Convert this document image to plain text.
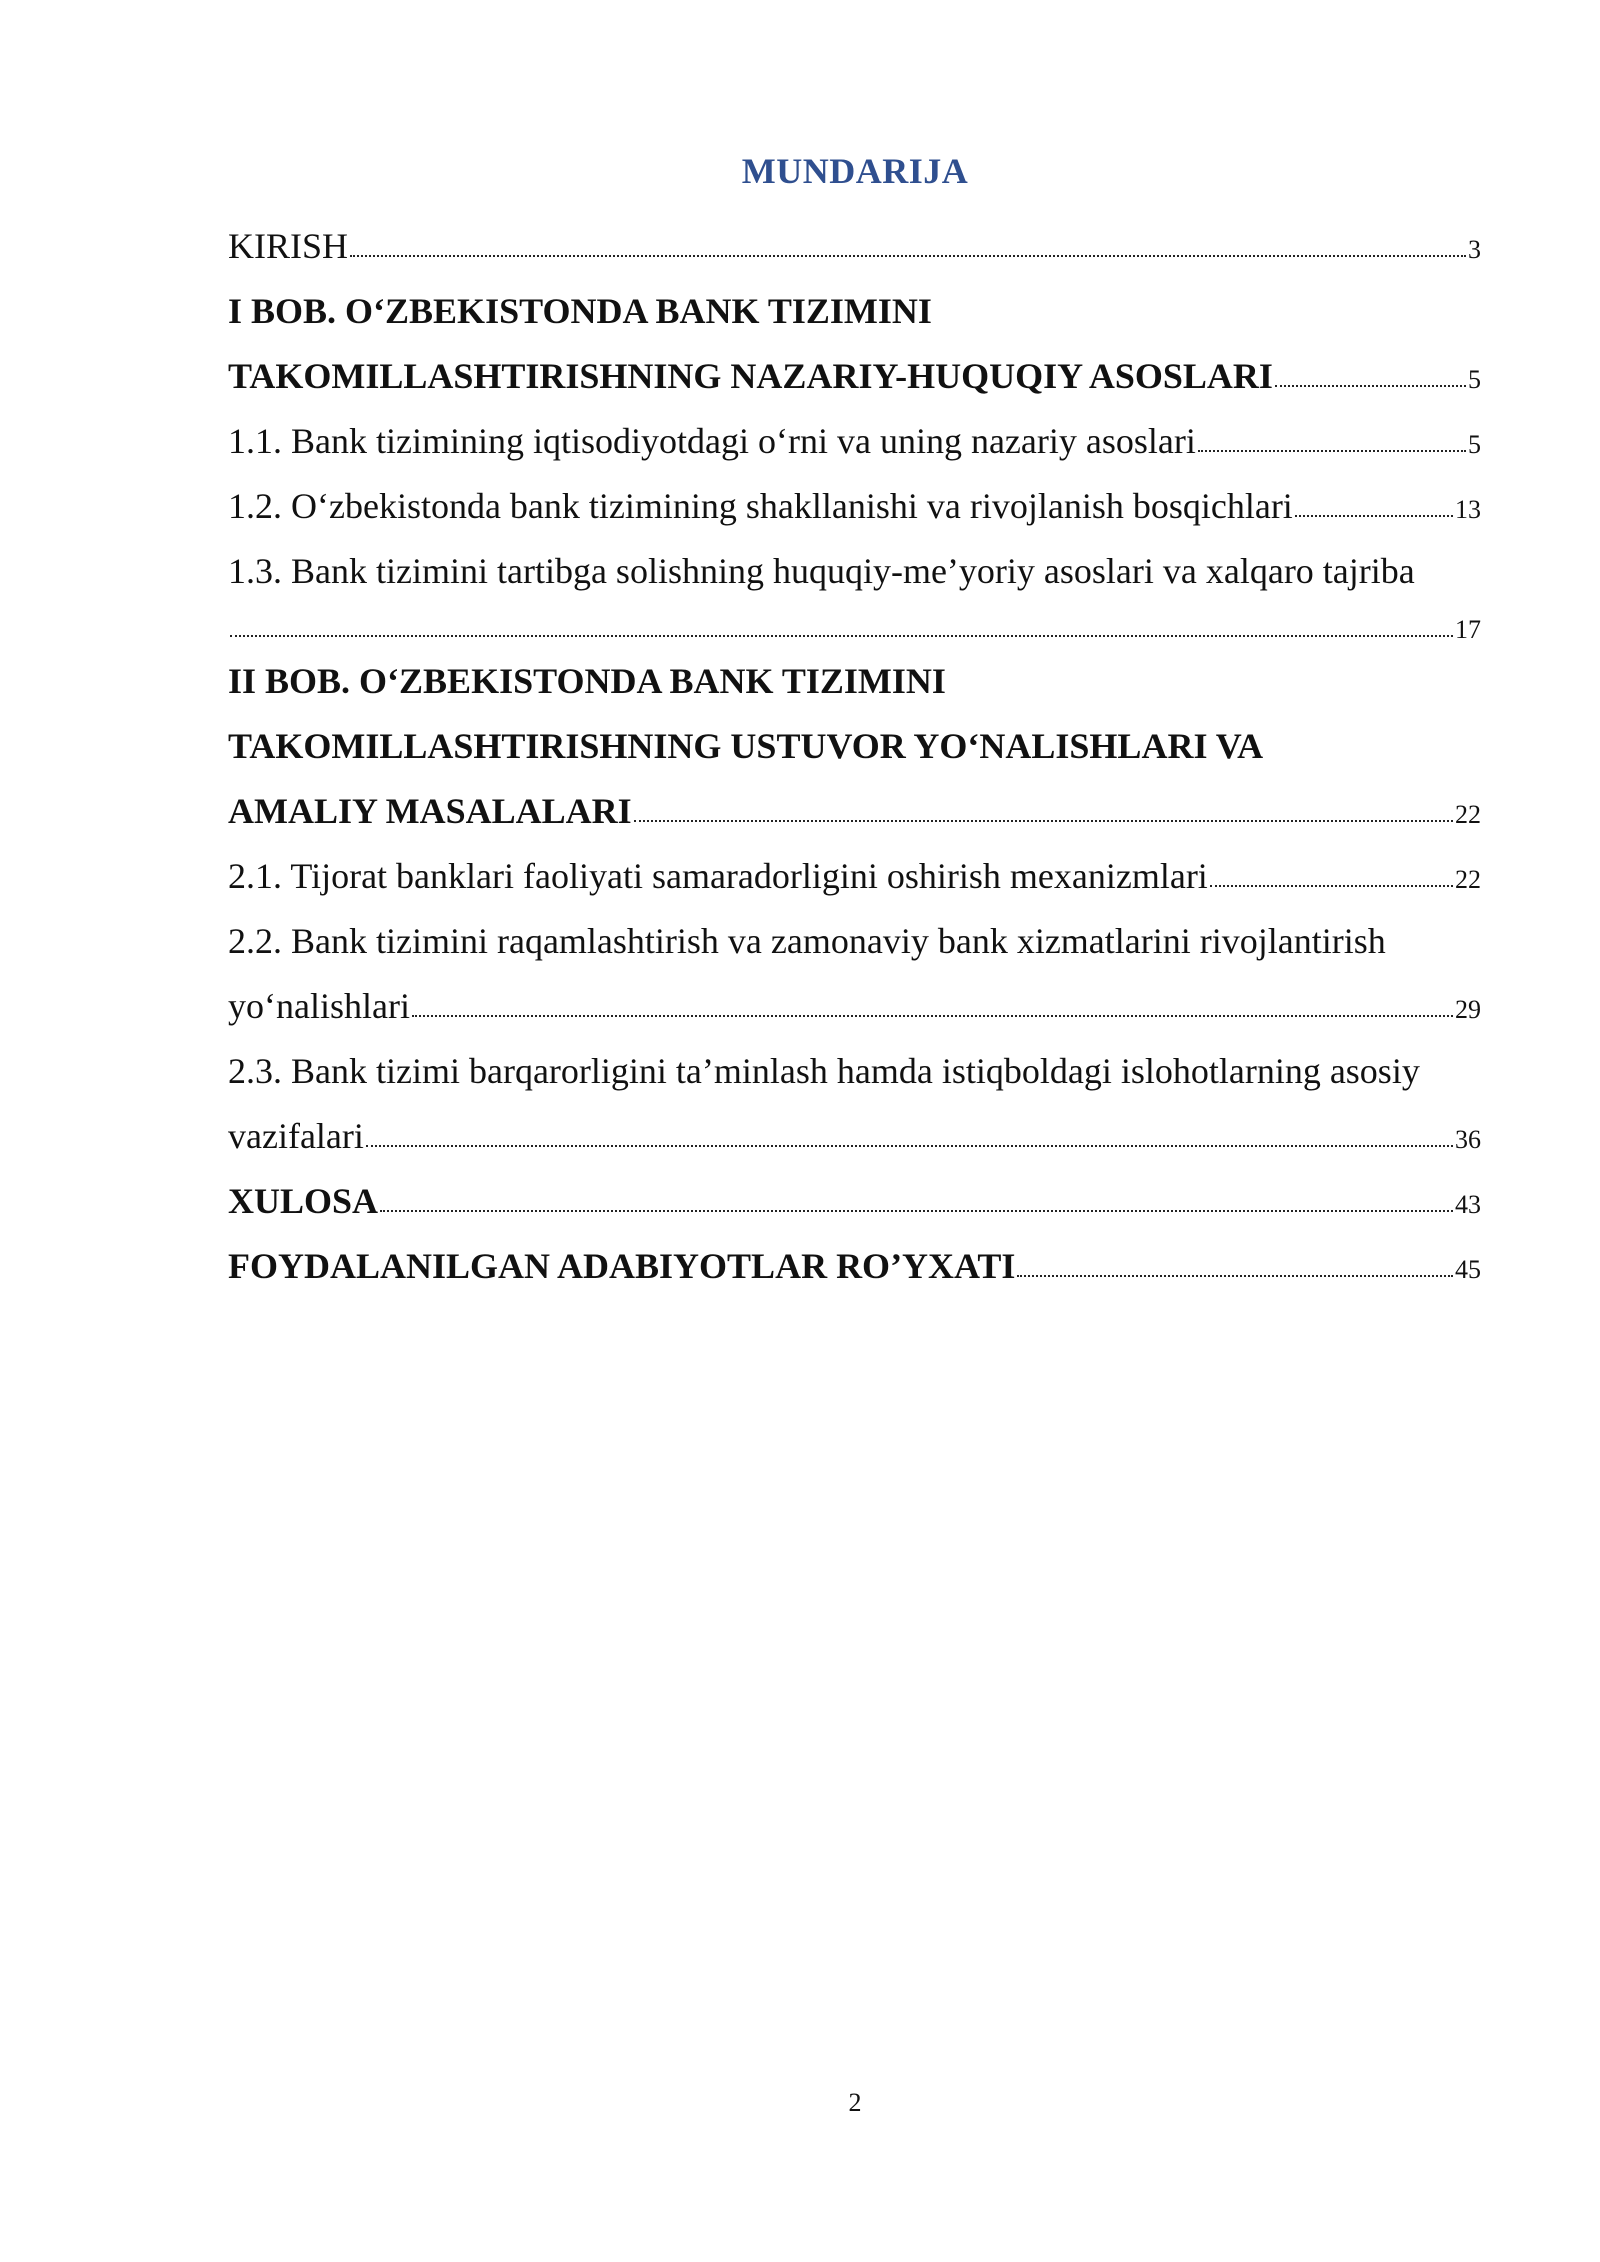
MUNDARIJA
KIRISH	3
I BOB. O‘ZBEKISTONDA BANK TIZIMINI
TAKOMILLASHTIRISHNING NAZARIY-HUQUQIY ASOSLARI	5
1.1. Bank tizimining iqtisodiyotdagi o‘rni va uning nazariy asoslari	5
1.2. O‘zbekistonda bank tizimining shakllanishi va rivojlanish bosqichlari	13
1.3. Bank tizimini tartibga solishning huquqiy-me’yoriy asoslari va xalqaro tajriba
17
II BOB. O‘ZBEKISTONDA BANK TIZIMINI
TAKOMILLASHTIRISHNING USTUVOR YO‘NALISHLARI VA
AMALIY MASALALARI	22
2.1. Tijorat banklari faoliyati samaradorligini oshirish mexanizmlari	22
2.2. Bank tizimini raqamlashtirish va zamonaviy bank xizmatlarini rivojlantirish
yo‘nalishlari	29
2.3. Bank tizimi barqarorligini ta’minlash hamda istiqboldagi islohotlarning asosiy
vazifalari	36
XULOSA	43
FOYDALANILGAN ADABIYOTLAR RO’YXATI	45

2
